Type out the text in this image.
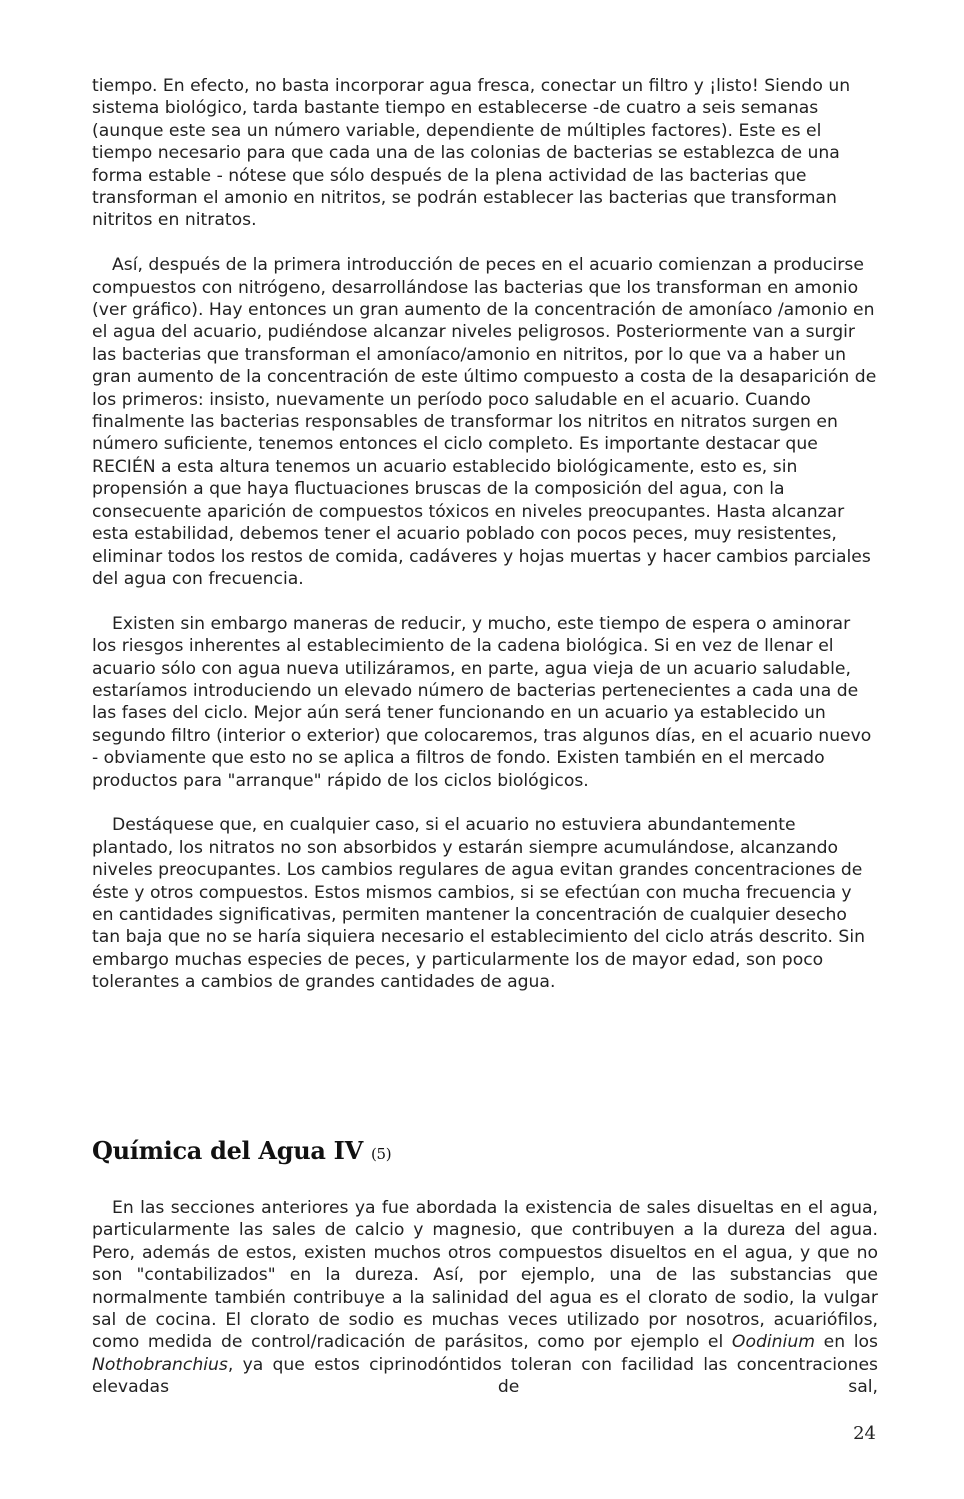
tiempo. En efecto, no basta incorporar agua fresca, conectar un filtro y ¡listo! Siendo un sistema biológico, tarda bastante tiempo en establecerse -de cuatro a seis semanas (aunque este sea un número variable, dependiente de múltiples factores). Este es el tiempo necesario para que cada una de las colonias de bacterias se establezca de una forma estable - nótese que sólo después de la plena actividad de las bacterias que transforman el amonio en nitritos, se podrán establecer las bacterias que transforman nitritos en nitratos.

Así, después de la primera introducción de peces en el acuario comienzan a producirse compuestos con nitrógeno, desarrollándose las bacterias que los transforman en amonio (ver gráfico). Hay entonces un gran aumento de la concentración de amoníaco /amonio en el agua del acuario, pudiéndose alcanzar niveles peligrosos. Posteriormente van a surgir las bacterias que transforman el amoníaco/amonio en nitritos, por lo que va a haber un gran aumento de la concentración de este último compuesto a costa de la desaparición de los primeros: insisto, nuevamente un período poco saludable en el acuario. Cuando finalmente las bacterias responsables de transformar los nitritos en nitratos surgen en número suficiente, tenemos entonces el ciclo completo. Es importante destacar que RECIÉN a esta altura tenemos un acuario establecido biológicamente, esto es, sin propensión a que haya fluctuaciones bruscas de la composición del agua, con la consecuente aparición de compuestos tóxicos en niveles preocupantes. Hasta alcanzar esta estabilidad, debemos tener el acuario poblado con pocos peces, muy resistentes, eliminar todos los restos de comida, cadáveres y hojas muertas y hacer cambios parciales del agua con frecuencia.

Existen sin embargo maneras de reducir, y mucho, este tiempo de espera o aminorar los riesgos inherentes al establecimiento de la cadena biológica. Si en vez de llenar el acuario sólo con agua nueva utilizáramos, en parte, agua vieja de un acuario saludable, estaríamos introduciendo un elevado número de bacterias pertenecientes a cada una de las fases del ciclo. Mejor aún será tener funcionando en un acuario ya establecido un segundo filtro (interior o exterior) que colocaremos, tras algunos días, en el acuario nuevo - obviamente que esto no se aplica a filtros de fondo. Existen también en el mercado productos para "arranque" rápido de los ciclos biológicos.

Destáquese que, en cualquier caso, si el acuario no estuviera abundantemente plantado, los nitratos no son absorbidos y estarán siempre acumulándose, alcanzando niveles preocupantes. Los cambios regulares de agua evitan grandes concentraciones de éste y otros compuestos. Estos mismos cambios, si se efectúan con mucha frecuencia y en cantidades significativas, permiten mantener la concentración de cualquier desecho tan baja que no se haría siquiera necesario el establecimiento del ciclo atrás descrito. Sin embargo muchas especies de peces, y particularmente los de mayor edad, son poco tolerantes a cambios de grandes cantidades de agua.

Química del Agua IV (5)

En las secciones anteriores ya fue abordada la existencia de sales disueltas en el agua, particularmente las sales de calcio y magnesio, que contribuyen a la dureza del agua. Pero, además de estos, existen muchos otros compuestos disueltos en el agua, y que no son "contabilizados" en la dureza. Así, por ejemplo, una de las substancias que normalmente también contribuye a la salinidad del agua es el clorato de sodio, la vulgar sal de cocina. El clorato de sodio es muchas veces utilizado por nosotros, acuariófilos, como medida de control/radicación de parásitos, como por ejemplo el Oodinium en los Nothobranchius, ya que estos ciprinodóntidos toleran con facilidad las concentraciones elevadas de sal,

24
